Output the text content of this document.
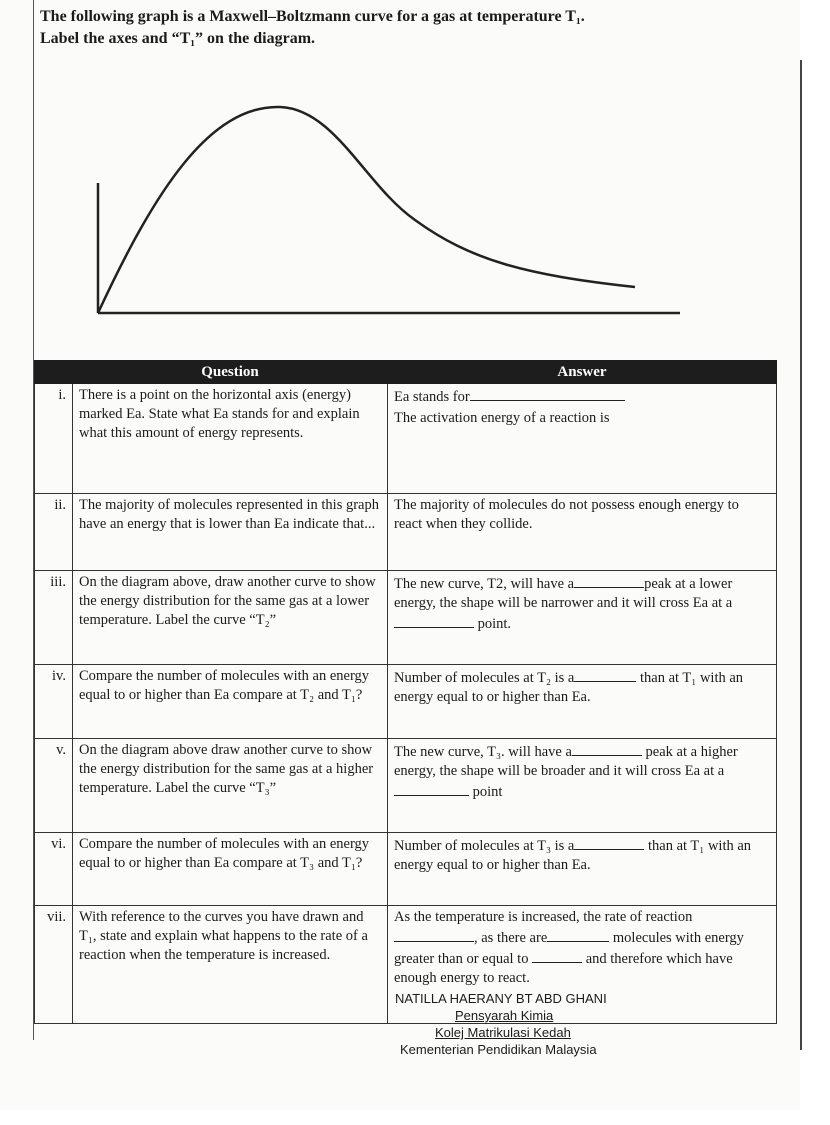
The following graph is a Maxwell–Boltzmann curve for a gas at temperature T₁.
Label the axes and “T₁” on the diagram.
	Question	Answer
i.	There is a point on the horizontal axis (energy) marked Ea. State what Ea stands for and explain what this amount of energy represents.	Ea stands for
The activation energy of a reaction is

ii.	The majority of molecules represented in this graph have an energy that is lower than Ea indicate that...	The majority of molecules do not possess enough energy to react when they collide.
iii.	On the diagram above, draw another curve to show the energy distribution for the same gas at a lower temperature. Label the curve “T₂”	The new curve, T2, will have a peak at a lower energy, the shape will be narrower and it will cross Ea at a point.
iv.	Compare the number of molecules with an energy equal to or higher than Ea compare at T₂ and T₁?	Number of molecules at T₂ is a than at T₁ with an energy equal to or higher than Ea.
v.	On the diagram above draw another curve to show the energy distribution for the same gas at a higher temperature. Label the curve “T₃”	The new curve, T₃. will have a peak at a higher energy, the shape will be broader and it will cross Ea at a point
vi.	Compare the number of molecules with an energy equal to or higher than Ea compare at T₃ and T₁?	Number of molecules at T₃ is a than at T₁ with an energy equal to or higher than Ea.
vii.	With reference to the curves you have drawn and T₁, state and explain what happens to the rate of a reaction when the temperature is increased.	As the temperature is increased, the rate of reaction , as there are molecules with energy greater than or equal to and therefore which have enough energy to react.
NATILLA HAERANY BT ABD GHANI
Pensyarah Kimia
Kolej Matrikulasi Kedah
Kementerian Pendidikan Malaysia
